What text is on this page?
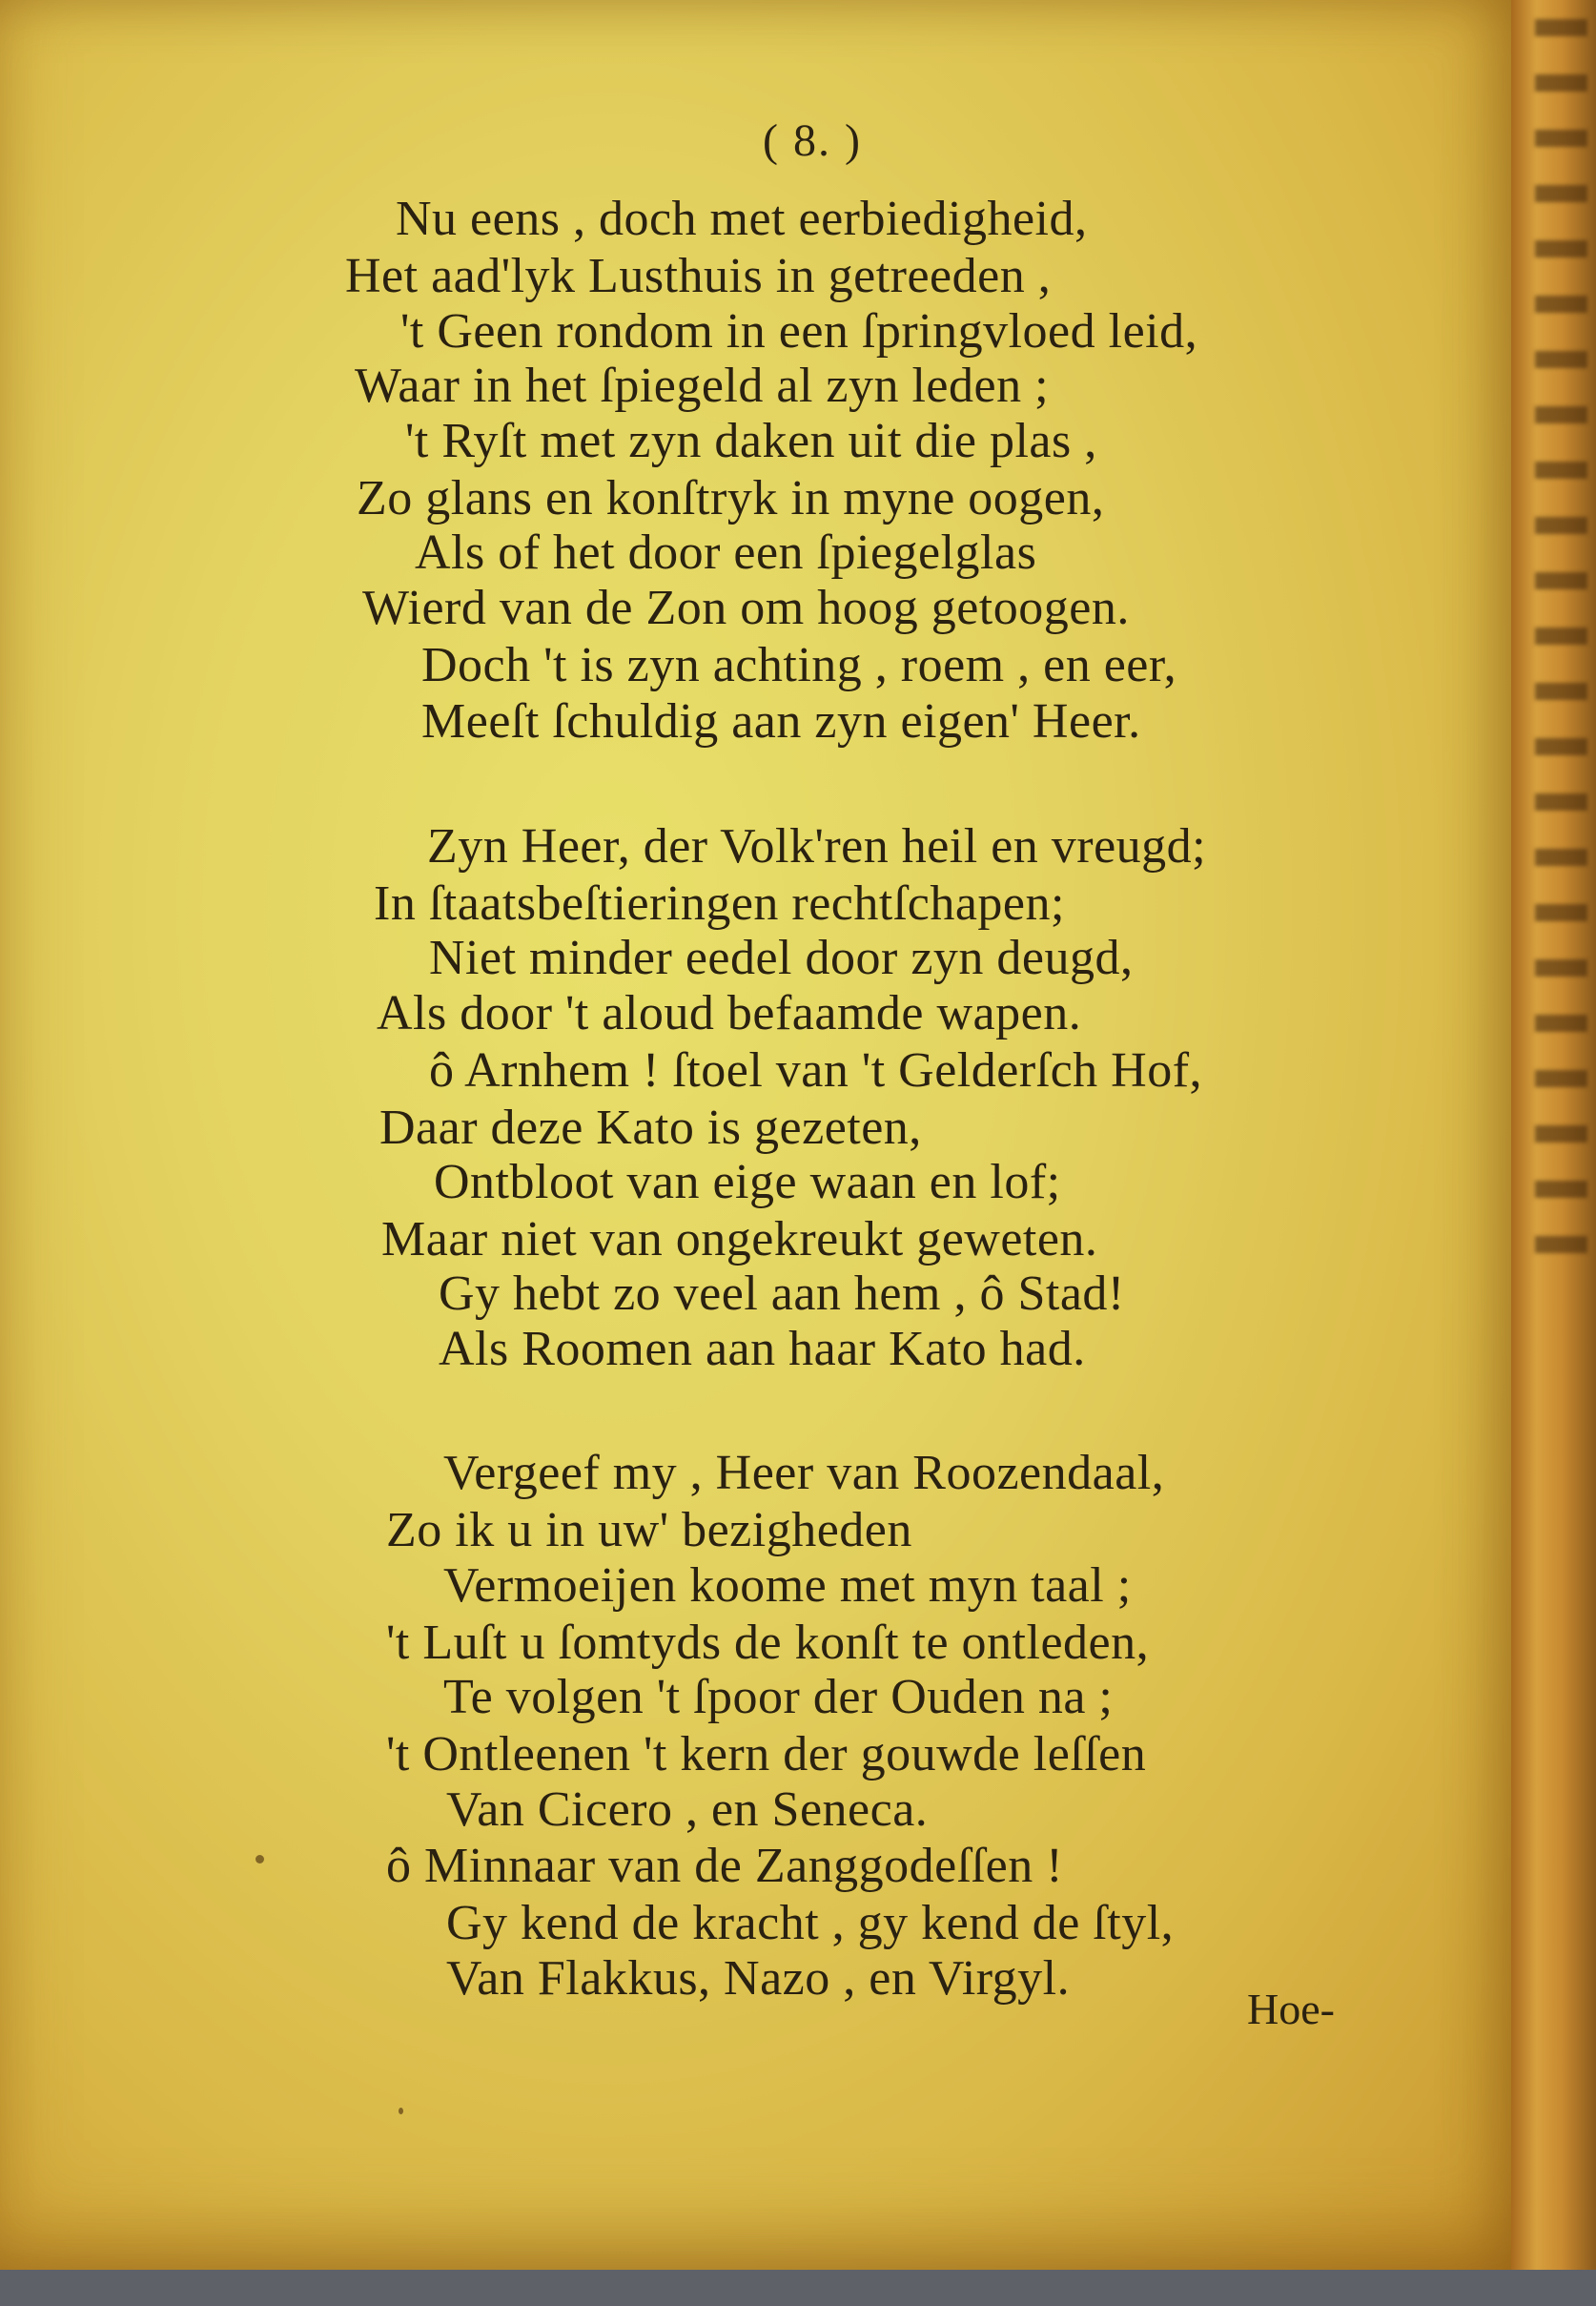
( 8. )
Nu eens , doch met eerbiedigheid,
Het aad'lyk Lusthuis in getreeden ,
't Geen rondom in een ſpringvloed leid,
Waar in het ſpiegeld al zyn leden ;
't Ryſt met zyn daken uit die plas ,
Zo glans en konſtryk in myne oogen,
Als of het door een ſpiegelglas
Wierd van de Zon om hoog getoogen.
Doch 't is zyn achting , roem , en eer,
Meeſt ſchuldig aan zyn eigen' Heer.
Zyn Heer, der Volk'ren heil en vreugd;
In ſtaatsbeſtieringen rechtſchapen;
Niet minder eedel door zyn deugd,
Als door 't aloud befaamde wapen.
ô Arnhem ! ſtoel van 't Gelderſch Hof,
Daar deze Kato is gezeten,
Ontbloot van eige waan en lof;
Maar niet van ongekreukt geweten.
Gy hebt zo veel aan hem , ô Stad!
Als Roomen aan haar Kato had.
Vergeef my , Heer van Roozendaal,
Zo ik u in uw' bezigheden
Vermoeijen koome met myn taal ;
't Luſt u ſomtyds de konſt te ontleden,
Te volgen 't ſpoor der Ouden na ;
't Ontleenen 't kern der gouwde leſſen
Van Cicero , en Seneca.
ô Minnaar van de Zanggodeſſen !
Gy kend de kracht , gy kend de ſtyl,
Van Flakkus, Nazo , en Virgyl.
Hoe-
